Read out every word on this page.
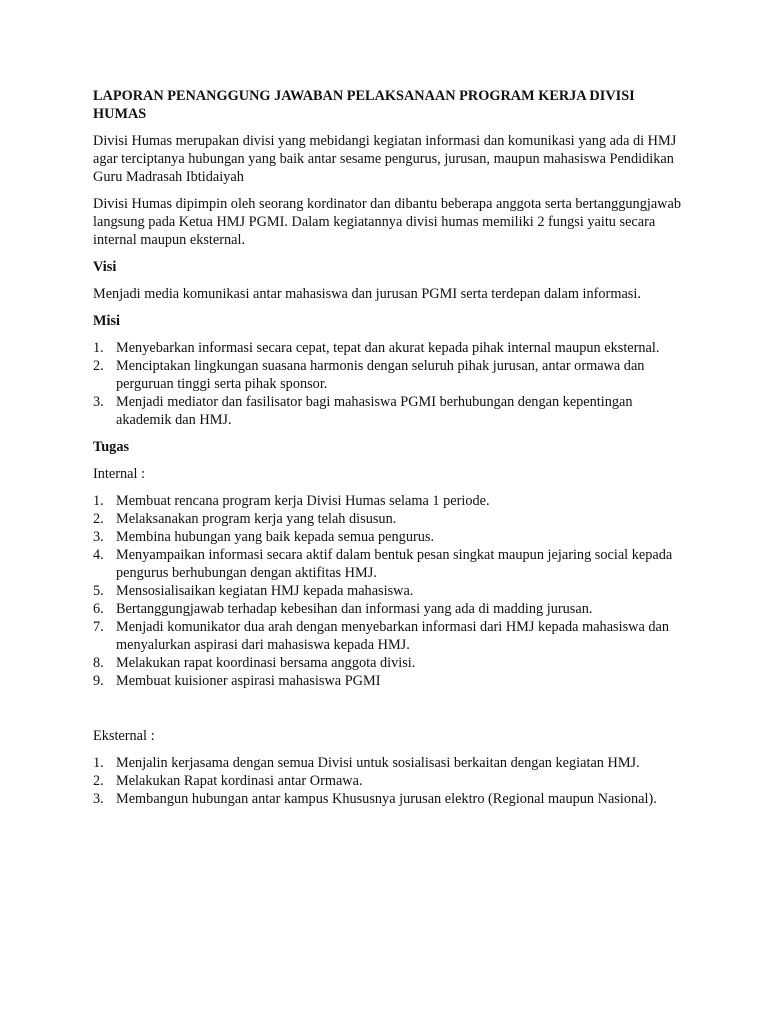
LAPORAN PENANGGUNG JAWABAN PELAKSANAAN PROGRAM KERJA DIVISI HUMAS

Divisi Humas merupakan divisi yang mebidangi kegiatan informasi dan komunikasi yang ada di HMJ agar terciptanya hubungan yang baik antar sesame pengurus, jurusan, maupun mahasiswa Pendidikan Guru Madrasah Ibtidaiyah

Divisi Humas dipimpin oleh seorang kordinator dan dibantu beberapa anggota serta bertanggungjawab langsung pada Ketua HMJ PGMI. Dalam kegiatannya divisi humas memiliki 2 fungsi yaitu secara internal maupun eksternal.

Visi

Menjadi media komunikasi antar mahasiswa dan jurusan PGMI serta terdepan dalam informasi.

Misi
1. Menyebarkan informasi secara cepat, tepat dan akurat kepada pihak internal maupun eksternal.
2. Menciptakan lingkungan suasana harmonis dengan seluruh pihak jurusan, antar ormawa dan perguruan tinggi serta pihak sponsor.
3. Menjadi mediator dan fasilisator bagi mahasiswa PGMI berhubungan dengan kepentingan akademik dan HMJ.
Tugas

Internal :

1. Membuat rencana program kerja Divisi Humas selama 1 periode.
2. Melaksanakan program kerja yang telah disusun.
3. Membina hubungan yang baik kepada semua pengurus.
4. Menyampaikan informasi secara aktif dalam bentuk pesan singkat maupun jejaring social kepada pengurus berhubungan dengan aktifitas HMJ.
5. Mensosialisaikan kegiatan HMJ kepada mahasiswa.
6. Bertanggungjawab terhadap kebesihan dan informasi yang ada di madding jurusan.
7. Menjadi komunikator dua arah dengan menyebarkan informasi dari HMJ kepada mahasiswa dan menyalurkan aspirasi dari mahasiswa kepada HMJ.
8. Melakukan rapat koordinasi bersama anggota divisi.
9. Membuat kuisioner aspirasi mahasiswa PGMI

Eksternal :

1. Menjalin kerjasama dengan semua Divisi untuk sosialisasi berkaitan dengan kegiatan HMJ.
2. Melakukan Rapat kordinasi antar Ormawa.
3. Membangun hubungan antar kampus Khususnya jurusan elektro (Regional maupun Nasional).
